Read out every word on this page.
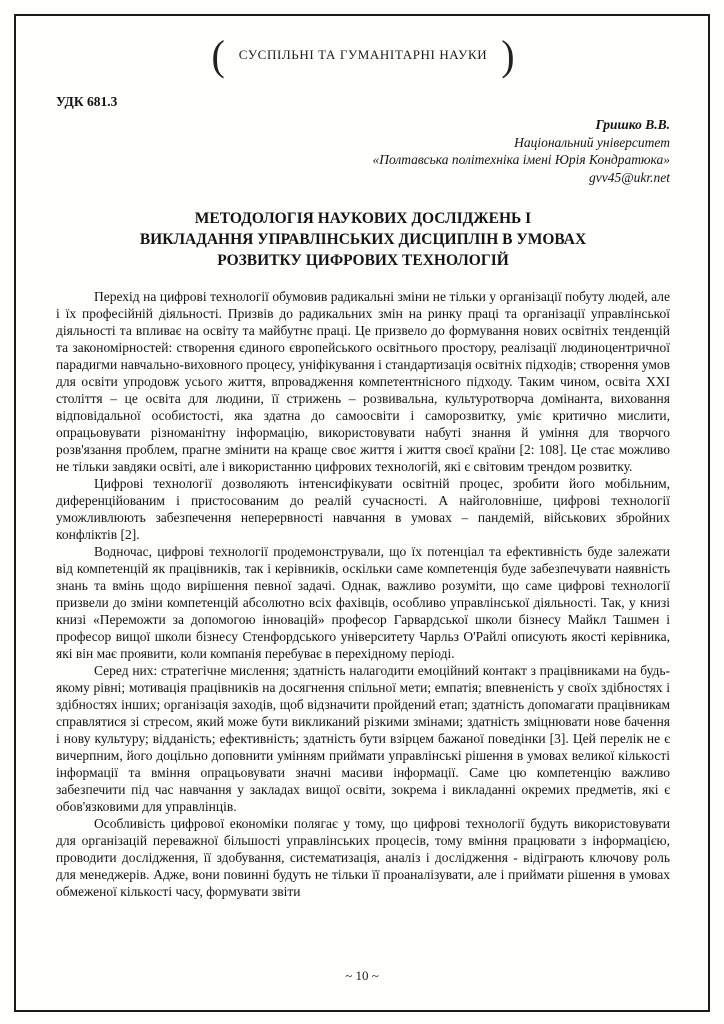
(	СУСПІЛЬНІ ТА ГУМАНІТАРНІ НАУКИ )
УДК 681.3
Гришко В.В.
Національний університет
«Полтавська політехніка імені Юрія Кондратюка»
gvv45@ukr.net
МЕТОДОЛОГІЯ НАУКОВИХ ДОСЛІДЖЕНЬ І
ВИКЛАДАННЯ УПРАВЛІНСЬКИХ ДИСЦИПЛІН В УМОВАХ
РОЗВИТКУ ЦИФРОВИХ ТЕХНОЛОГІЙ

Перехід на цифрові технології обумовив радикальні зміни не тільки у організації побуту людей, але і їх професійній діяльності. Призвів до радикальних змін на ринку праці та організації управлінської діяльності та впливає на освіту та майбутнє праці. Це призвело до формування нових освітніх тенденцій та закономірностей: створення єдиного європейського освітнього простору, реалізації людиноцентричної парадигми навчально-виховного процесу, уніфікування і стандартизація освітніх підходів; створення умов для освіти упродовж усього життя, впровадження компетентнісного підходу. Таким чином, освіта XXI століття – це освіта для людини, її стрижень – розвивальна, культуротворча домінанта, виховання відповідальної особистості, яка здатна до самоосвіти і саморозвитку, уміє критично мислити, опрацьовувати різноманітну інформацію, використовувати набуті знання й уміння для творчого розв'язання проблем, прагне змінити на краще своє життя і життя своєї країни [2: 108]. Це стає можливо не тільки завдяки освіті, але і використанню цифрових технологій, які є світовим трендом розвитку.

Цифрові технології дозволяють інтенсифікувати освітній процес, зробити його мобільним, диференційованим і пристосованим до реалій сучасності. А найголовніше, цифрові технології уможливлюють забезпечення неперервності навчання в умовах – пандемій, військових збройних конфліктів [2].

Водночас, цифрові технології продемонстрували, що їх потенціал та ефективність буде залежати від компетенцій як працівників, так і керівників, оскільки саме компетенція буде забезпечувати наявність знань та вмінь щодо вирішення певної задачі. Однак, важливо розуміти, що саме цифрові технології призвели до зміни компетенцій абсолютно всіх фахівців, особливо управлінської діяльності. Так, у книзі книзі «Переможти за допомогою інновацій» професор Гарвардської школи бізнесу Майкл Ташмен і професор вищої школи бізнесу Стенфордського університету Чарльз О'Райлі описують якості керівника, які він має проявити, коли компанія перебуває в перехідному періоді.

Серед них: стратегічне мислення; здатність налагодити емоційний контакт з працівниками на будь-якому рівні; мотивація працівників на досягнення спільної мети; емпатія; впевненість у своїх здібностях і здібностях інших; організація заходів, щоб відзначити пройдений етап; здатність допомагати працівникам справлятися зі стресом, який може бути викликаний різкими змінами; здатність зміцнювати нове бачення і нову культуру; відданість; ефективність; здатність бути взірцем бажаної поведінки [3]. Цей перелік не є вичерпним, його доцільно доповнити умінням приймати управлінські рішення в умовах великої кількості інформації та вміння опрацьовувати значні масиви інформації. Саме цю компетенцію важливо забезпечити під час навчання у закладах вищої освіти, зокрема і викладанні окремих предметів, які є обов'язковими для управлінців.

Особливість цифрової економіки полягає у тому, що цифрові технології будуть використовувати для організацій переважної більшості управлінських процесів, тому вміння працювати з інформацією, проводити дослідження, її здобування, систематизація, аналіз і дослідження - відіграють ключову роль для менеджерів. Адже, вони повинні будуть не тільки її проаналізувати, але і приймати рішення в умовах обмеженої кількості часу, формувати звіти

~ 10 ~
